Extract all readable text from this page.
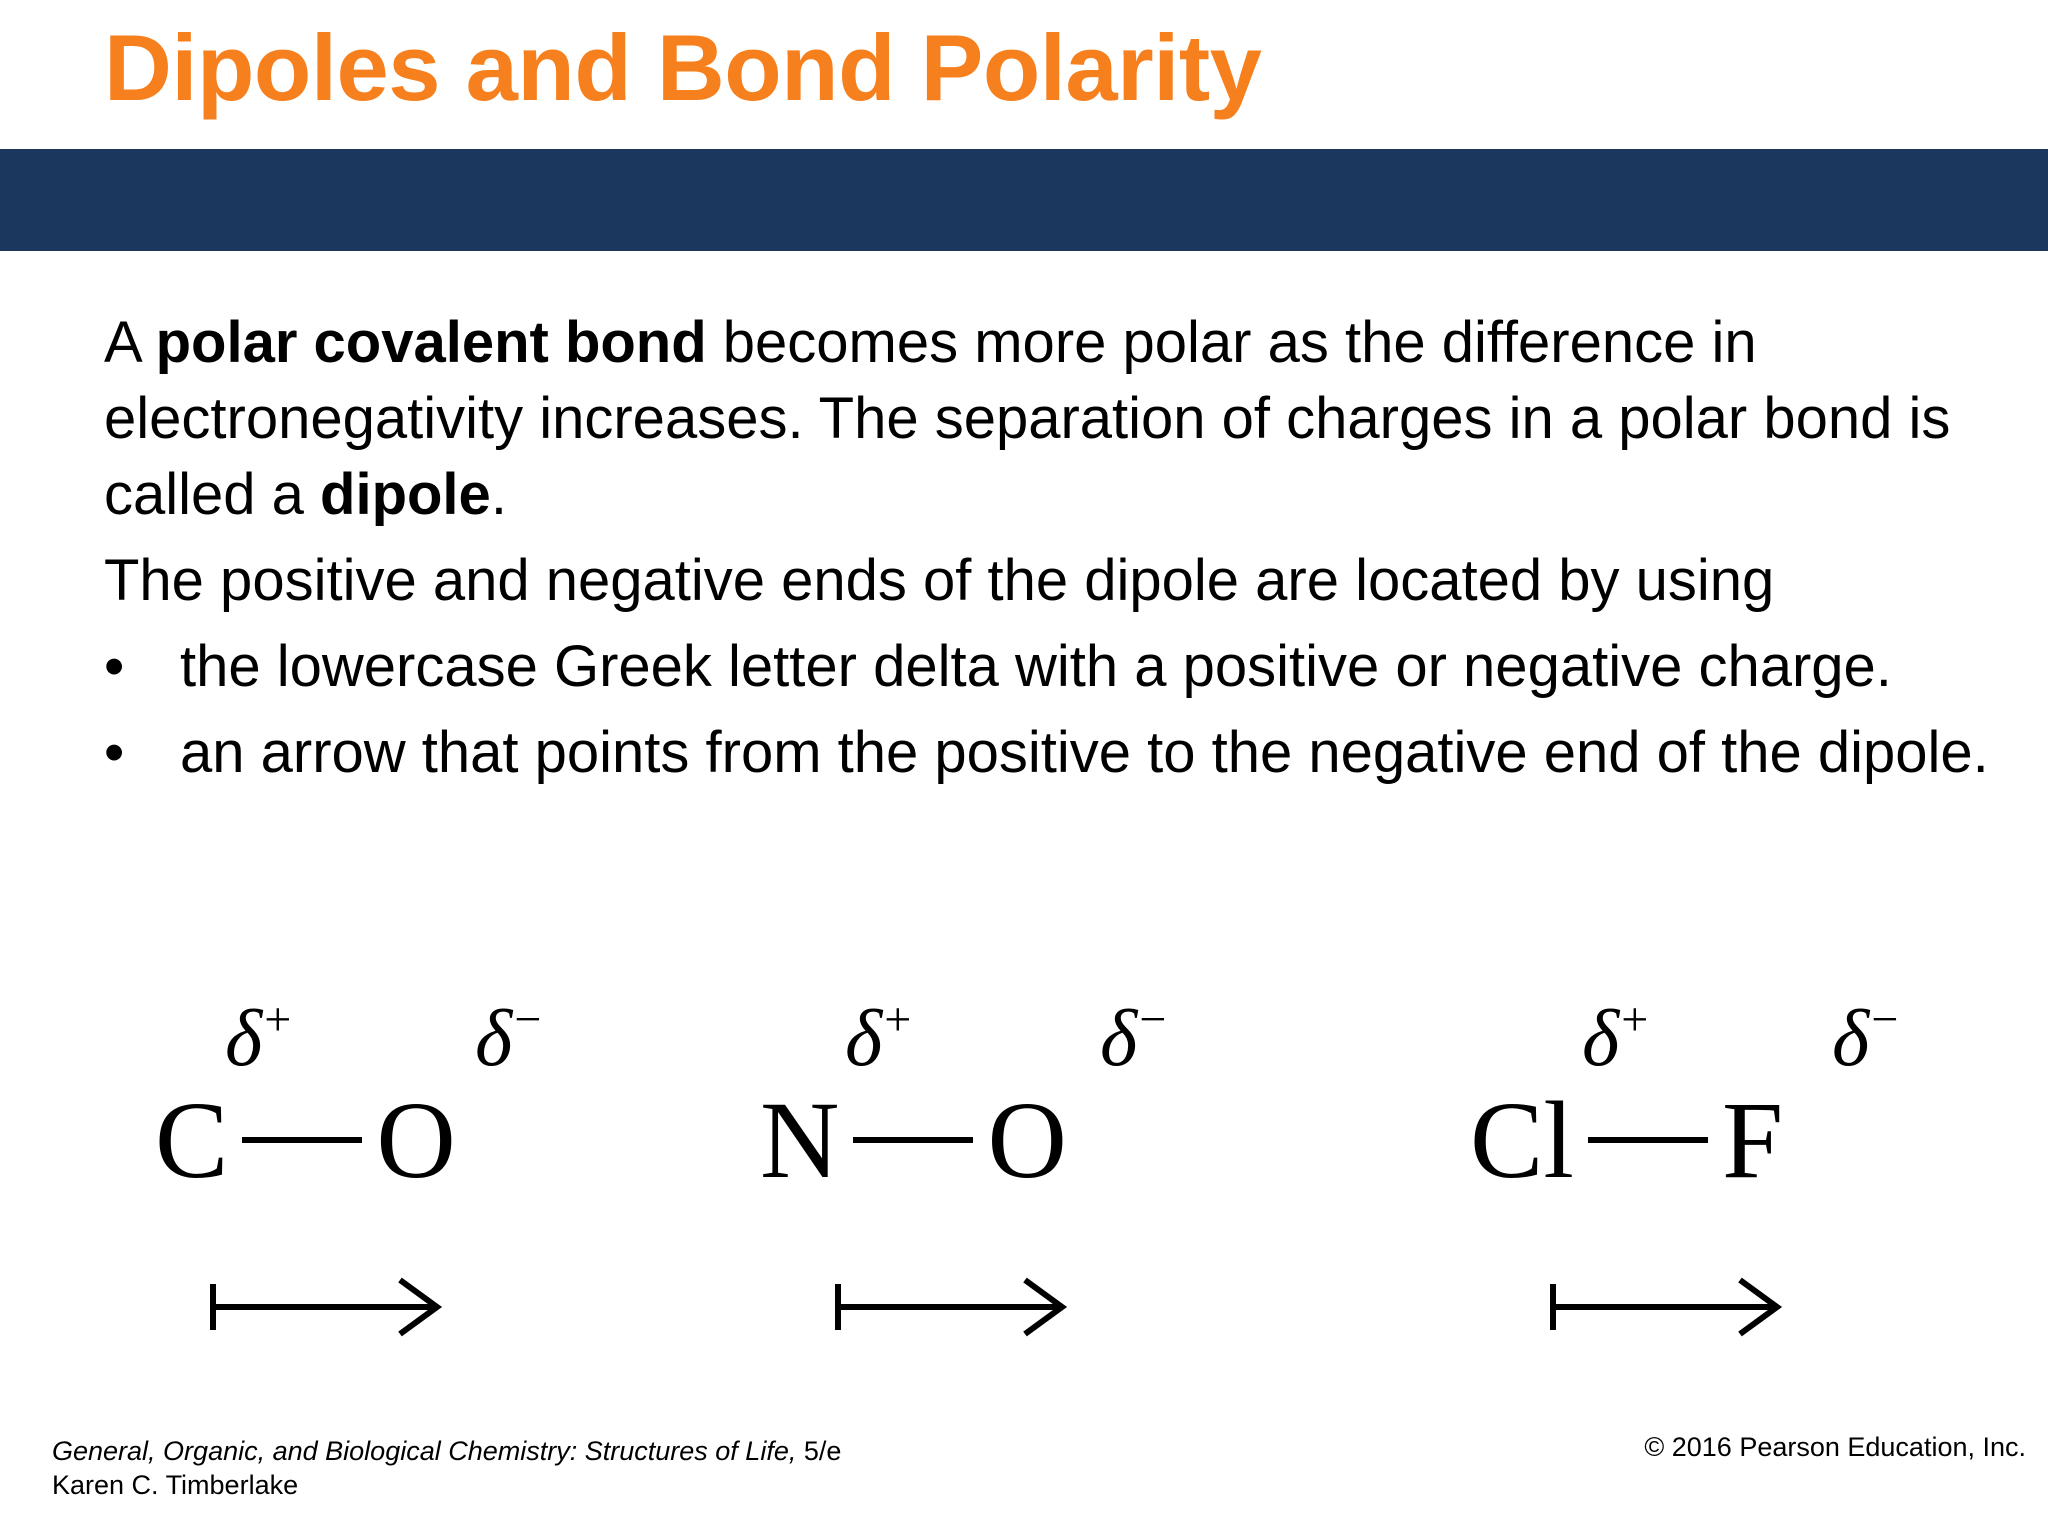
Dipoles and Bond Polarity

A polar covalent bond becomes more polar as the difference in electronegativity increases. The separation of charges in a polar bond is called a dipole.

The positive and negative ends of the dipole are located by using

• the lowercase Greek letter delta with a positive or negative charge.
• an arrow that points from the positive to the negative end of the dipole.
δ+ δ−
C O
δ+ δ−
N O
δ+ δ−
Cl F
General, Organic, and Biological Chemistry: Structures of Life, 5/e
Karen C. Timberlake
© 2016 Pearson Education, Inc.
